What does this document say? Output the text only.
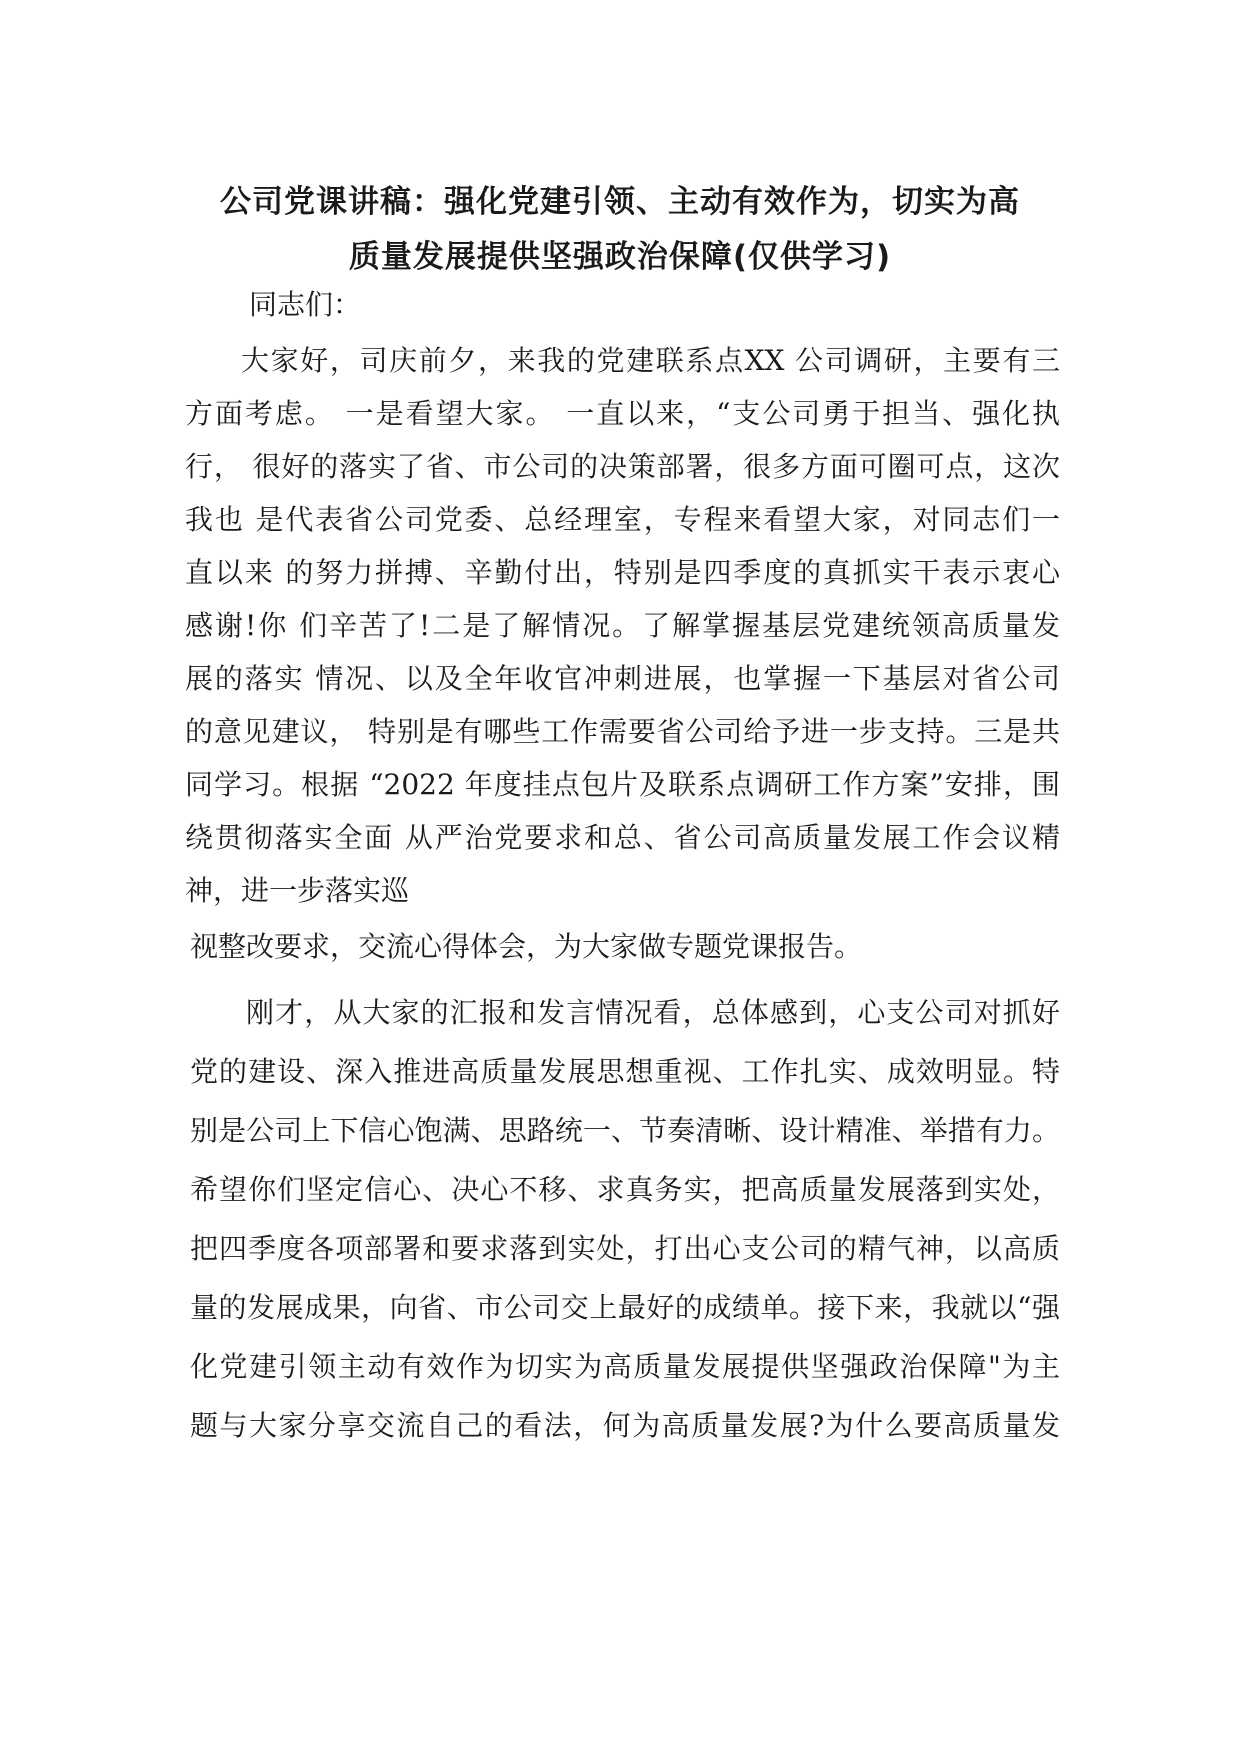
公司党课讲稿：强化党建引领、主动有效作为，切实为高
质量发展提供坚强政治保障(仅供学习)
同志们：
大家好，司庆前夕，来我的党建联系点XX 公司调研，主要有三
方面考虑。 一是看望大家。 一直以来，“支公司勇于担当、强化执
行， 很好的落实了省、市公司的决策部署，很多方面可圈可点，这次
我也 是代表省公司党委、总经理室，专程来看望大家，对同志们一
直以来 的努力拼搏、辛勤付出，特别是四季度的真抓实干表示衷心
感谢!你 们辛苦了!二是了解情况。了解掌握基层党建统领高质量发
展的落实 情况、以及全年收官冲刺进展，也掌握一下基层对省公司
的意见建议， 特别是有哪些工作需要省公司给予进一步支持。三是共
同学习。根据 “2022 年度挂点包片及联系点调研工作方案”安排，围
绕贯彻落实全面 从严治党要求和总、省公司高质量发展工作会议精
神，进一步落实巡
视整改要求，交流心得体会，为大家做专题党课报告。
刚才，从大家的汇报和发言情况看，总体感到，心支公司对抓好
党的建设、深入推进高质量发展思想重视、工作扎实、成效明显。特
别是公司上下信心饱满、思路统一、节奏清晰、设计精准、举措有力。
希望你们坚定信心、决心不移、求真务实，把高质量发展落到实处，
把四季度各项部署和要求落到实处，打出心支公司的精气神，以高质
量的发展成果，向省、市公司交上最好的成绩单。接下来，我就以“强
化党建引领主动有效作为切实为高质量发展提供坚强政治保障"为主
题与大家分享交流自己的看法，何为高质量发展?为什么要高质量发
